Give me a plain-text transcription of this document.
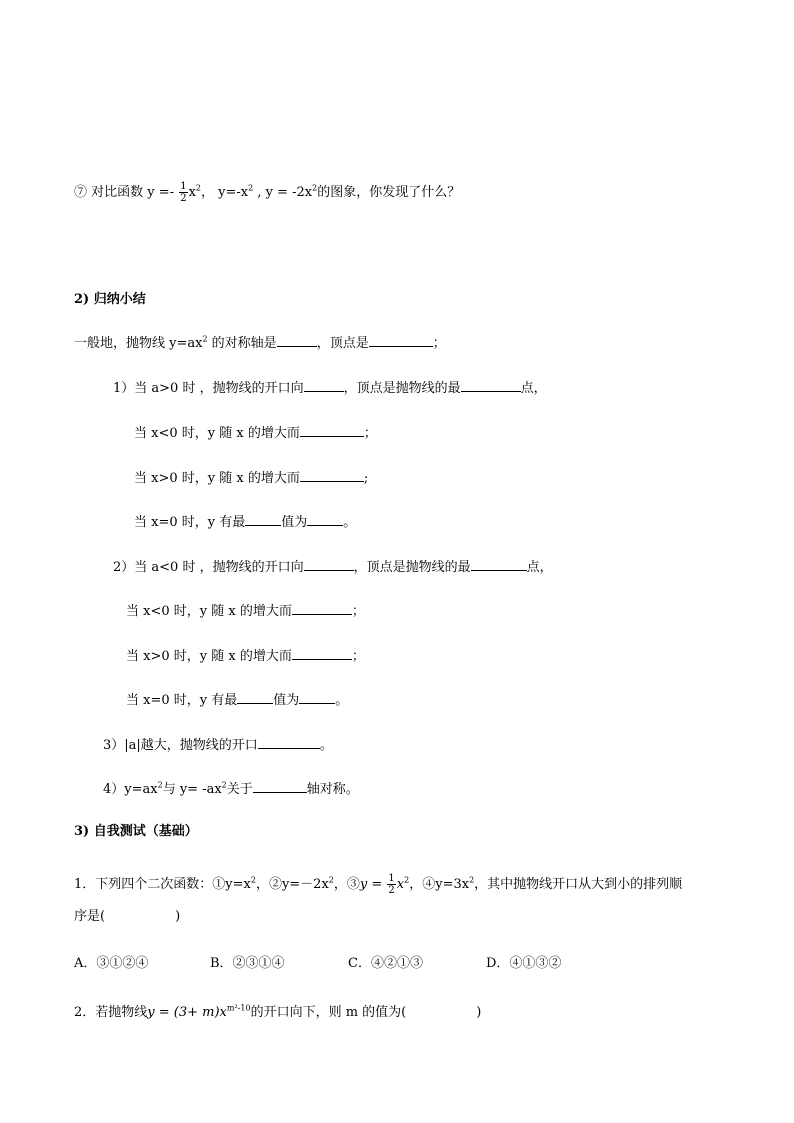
⑦ 对比函数 $y =- \frac{1}{2} x^2$， $y=-x^2$ , $y = -2x^2$的图象，你发现了什么？
2) 归纳小结
一般地，抛物线 $y=ax^2$ 的对称轴是	，顶点是	；
1）当 a>0 时 ，抛物线的开口向	，顶点是抛物线的最	点，
当 x<0 时，y 随 x 的增大而	；
当 x>0 时，y 随 x 的增大而	;
当 x=0 时，y 有最	值为	。
2）当 a<0 时 ，抛物线的开口向	，顶点是抛物线的最	点，
当 x<0 时，y 随 x 的增大而	；
当 x>0 时，y 随 x 的增大而	；
当 x=0 时，y 有最	值为	。
3）|a|越大，抛物线的开口	。
$4)y=ax^2$与 $y= -ax^2$关于	轴对称。
3) 自我测试（基础）
1．下列四个二次函数：$①y=x^2$，$②y=-2x^2$，③y = $\frac{1}{2} x^2$，$④y=3x^2$，其中抛物线开口从大到小的排列顺
序是(	)
A．③①②④	B．②③①④	C．④②①③	D．④①③②
2．若抛物线$y = (3+ m)x^{m^2-10}$的开口向下，则 m 的值为(	)
